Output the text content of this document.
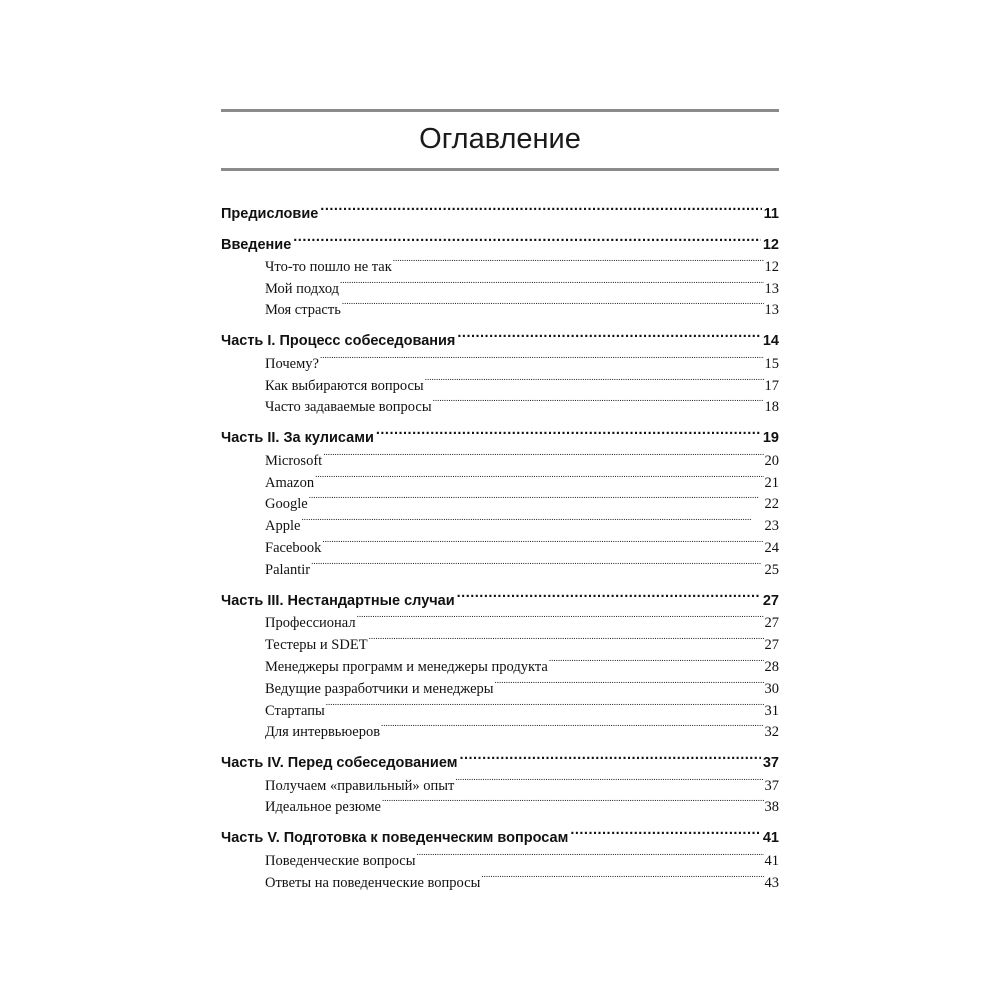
Оглавление
Предисловие .....	11
Введение .....	12
Что-то пошло не так .....	12
Мой подход .....	13
Моя страсть .....	13
Часть I. Процесс собеседования .....	14
Почему? .....	15
Как выбираются вопросы .....	17
Часто задаваемые вопросы .....	18
Часть II. За кулисами .....	19
Microsoft .....	20
Amazon .....	21
Google .....	22
Apple .....	23
Facebook .....	24
Palantir .....	25
Часть III. Нестандартные случаи .....	27
Профессионал .....	27
Тестеры и SDET .....	27
Менеджеры программ и менеджеры продукта .....	28
Ведущие разработчики и менеджеры .....	30
Стартапы .....	31
Для интервьюеров .....	32
Часть IV. Перед собеседованием .....	37
Получаем «правильный» опыт .....	37
Идеальное резюме .....	38
Часть V. Подготовка к поведенческим вопросам .....	41
Поведенческие вопросы .....	41
Ответы на поведенческие вопросы .....	43
